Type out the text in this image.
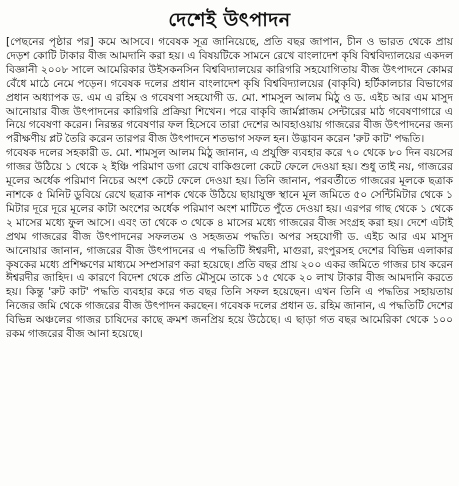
দেশেই উৎপাদন

[পেছনের পৃষ্ঠার পর] কমে আসবে। গবেষক সূত্র জানিয়েছে, প্রতি বছর জাপান, চীন ও ভারত থেকে প্রায় দেড়শ কোটি টাকার বীজ আমদানি করা হয়। এ বিষয়টিকে সামনে রেখে বাংলাদেশ কৃষি বিশ্ববিদ্যালয়ের একদল বিজ্ঞানী ২০০৮ সালে আমেরিকার উইসকনসিন বিশ্ববিদ্যালয়ের কারিগরি সহযোগিতায় বীজ উৎপাদনে কোমর বেঁধে মাঠে নেমে পড়েন। গবেষক দলের প্রধান বাংলাদেশ কৃষি বিশ্ববিদ্যালয়ের (বাকৃবি) হর্টিকালচার বিভাগের প্রধান অধ্যাপক ড. এম এ রহিম ও গবেষণা সহযোগী ড. মো. শামসুল আলম মিঠু ও ড. এইচ আর এম মাসুদ আনোয়ার বীজ উৎপাদনের কারিগরি প্রক্রিয়া শিখেন। পরে বাকৃবি জার্মপ্লাজম সেন্টারের মাঠ গবেষণাগারে এ নিয়ে গবেষণা করেন। নিরন্তর গবেষণার ফল হিসেবে তারা দেশের আবহাওয়ায় গাজরের বীজ উৎপাদনের জন্য পরীক্ষণীয় প্লট তৈরি করেন তারপর বীজ উৎপাদনে শতভাগ সফল হন। উদ্ভাবন করেন 'রুট কাট' পদ্ধতি।

গবেষক দলের সহকারী ড. মো. শামসুল আলম মিঠু জানান, এ প্রযুক্তি ব্যবহার করে ৭০ থেকে ৮০ দিন বয়সের গাজর উঠিয়ে ১ থেকে ২ ইঞ্চি পরিমাণ ডগা রেখে বাকিগুলো কেটে ফেলে দেওয়া হয়। শুধু তাই নয়, গাজরের মূলের অর্ধেক পরিমাণ নিচের অংশ কেটে ফেলে দেওয়া হয়। তিনি জানান, পরবর্তীতে গাজরের মূলকে ছত্রাক নাশকে ৫ মিনিট ডুবিয়ে রেখে ছত্রাক নাশক থেকে উঠিয়ে ছায়াযুক্ত স্থানে মূল জমিতে ৫০ সেন্টিমিটার থেকে ১ মিটার দূরে দূরে মূলের কাটা অংশের অর্ধেক পরিমাণ অংশ মাটিতে পুঁতে দেওয়া হয়। এরপর গাছ থেকে ১ থেকে ২ মাসের মধ্যে ফুল আসে। এবং তা থেকে ৩ থেকে ৪ মাসের মধ্যে গাজরের বীজ সংগ্রহ করা হয়। দেশে এটাই প্রথম গাজরের বীজ উৎপাদনের সফলতম ও সহজতম পদ্ধতি। অপর সহযোগী ড. এইচ আর এম মাসুদ আনোয়ার জানান, গাজরের বীজ উৎপাদনের এ পদ্ধতিটি ঈশ্বরদী, মাগুরা, রংপুরসহ দেশের বিভিন্ন এলাকার কৃষকের মধ্যে প্রশিক্ষণের মাধ্যমে সম্প্রসারণ করা হয়েছে। প্রতি বছর প্রায় ২০০ একর জমিতে গাজর চাষ করেন ঈশ্বরদীর জাহিদ। এ কারণে বিদেশ থেকে প্রতি মৌসুমে তাকে ১৫ থেকে ২০ লাখ টাকার বীজ আমদানি করতে হয়। কিন্তু 'রুট কাট' পদ্ধতি ব্যবহার করে গত বছর তিনি সফল হয়েছেন। এখন তিনি এ পদ্ধতির সহায়তায় নিজের জমি থেকে গাজরের বীজ উৎপাদন করছেন। গবেষক দলের প্রধান ড. রহিম জানান, এ পদ্ধতিটি দেশের বিভিন্ন অঞ্চলের গাজর চাষিদের কাছে ক্রমশ জনপ্রিয় হয়ে উঠেছে। এ ছাড়া গত বছর আমেরিকা থেকে ১০০ রকম গাজরের বীজ আনা হয়েছে।
